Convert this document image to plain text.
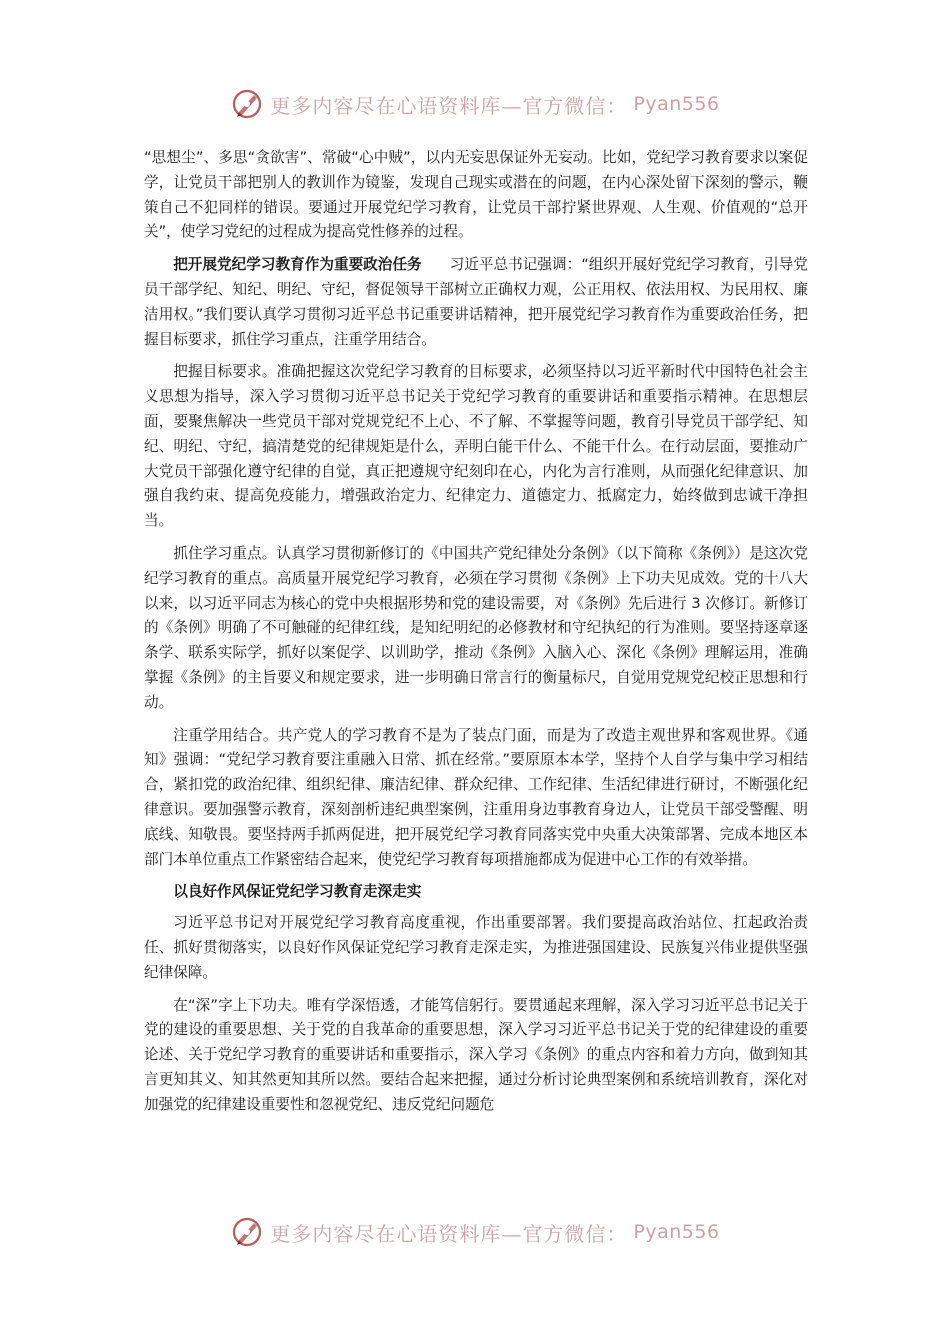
更多内容尽在心语资料库—官方微信： Pyan556

“思想尘”、多思“贪欲害”、常破“心中贼”，以内无妄思保证外无妄动。比如，党纪学习教育要求以案促学，让党员干部把别人的教训作为镜鉴，发现自己现实或潜在的问题，在内心深处留下深刻的警示，鞭策自己不犯同样的错误。要通过开展党纪学习教育，让党员干部拧紧世界观、人生观、价值观的“总开关”，使学习党纪的过程成为提高党性修养的过程。

把开展党纪学习教育作为重要政治任务 习近平总书记强调：“组织开展好党纪学习教育，引导党员干部学纪、知纪、明纪、守纪，督促领导干部树立正确权力观，公正用权、依法用权、为民用权、廉洁用权。”我们要认真学习贯彻习近平总书记重要讲话精神，把开展党纪学习教育作为重要政治任务，把握目标要求，抓住学习重点，注重学用结合。

把握目标要求。准确把握这次党纪学习教育的目标要求，必须坚持以习近平新时代中国特色社会主义思想为指导，深入学习贯彻习近平总书记关于党纪学习教育的重要讲话和重要指示精神。在思想层面，要聚焦解决一些党员干部对党规党纪不上心、不了解、不掌握等问题，教育引导党员干部学纪、知纪、明纪、守纪，搞清楚党的纪律规矩是什么，弄明白能干什么、不能干什么。在行动层面，要推动广大党员干部强化遵守纪律的自觉，真正把遵规守纪刻印在心，内化为言行准则，从而强化纪律意识、加强自我约束、提高免疫能力，增强政治定力、纪律定力、道德定力、抵腐定力，始终做到忠诚干净担当。

抓住学习重点。认真学习贯彻新修订的《中国共产党纪律处分条例》（以下简称《条例》）是这次党纪学习教育的重点。高质量开展党纪学习教育，必须在学习贯彻《条例》上下功夫见成效。党的十八大以来，以习近平同志为核心的党中央根据形势和党的建设需要，对《条例》先后进行 3 次修订。新修订的《条例》明确了不可触碰的纪律红线，是知纪明纪的必修教材和守纪执纪的行为准则。要坚持逐章逐条学、联系实际学，抓好以案促学、以训助学，推动《条例》入脑入心、深化《条例》理解运用，准确掌握《条例》的主旨要义和规定要求，进一步明确日常言行的衡量标尺，自觉用党规党纪校正思想和行动。

注重学用结合。共产党人的学习教育不是为了装点门面，而是为了改造主观世界和客观世界。《通知》强调：“党纪学习教育要注重融入日常、抓在经常。”要原原本本学，坚持个人自学与集中学习相结合，紧扣党的政治纪律、组织纪律、廉洁纪律、群众纪律、工作纪律、生活纪律进行研讨，不断强化纪律意识。要加强警示教育，深刻剖析违纪典型案例，注重用身边事教育身边人，让党员干部受警醒、明底线、知敬畏。要坚持两手抓两促进，把开展党纪学习教育同落实党中央重大决策部署、完成本地区本部门本单位重点工作紧密结合起来，使党纪学习教育每项措施都成为促进中心工作的有效举措。

以良好作风保证党纪学习教育走深走实

习近平总书记对开展党纪学习教育高度重视，作出重要部署。我们要提高政治站位、扛起政治责任、抓好贯彻落实，以良好作风保证党纪学习教育走深走实，为推进强国建设、民族复兴伟业提供坚强纪律保障。

在“深”字上下功夫。唯有学深悟透，才能笃信躬行。要贯通起来理解，深入学习习近平总书记关于党的建设的重要思想、关于党的自我革命的重要思想，深入学习习近平总书记关于党的纪律建设的重要论述、关于党纪学习教育的重要讲话和重要指示，深入学习《条例》的重点内容和着力方向，做到知其言更知其义、知其然更知其所以然。要结合起来把握，通过分析讨论典型案例和系统培训教育，深化对加强党的纪律建设重要性和忽视党纪、违反党纪问题危

更多内容尽在心语资料库—官方微信： Pyan556
